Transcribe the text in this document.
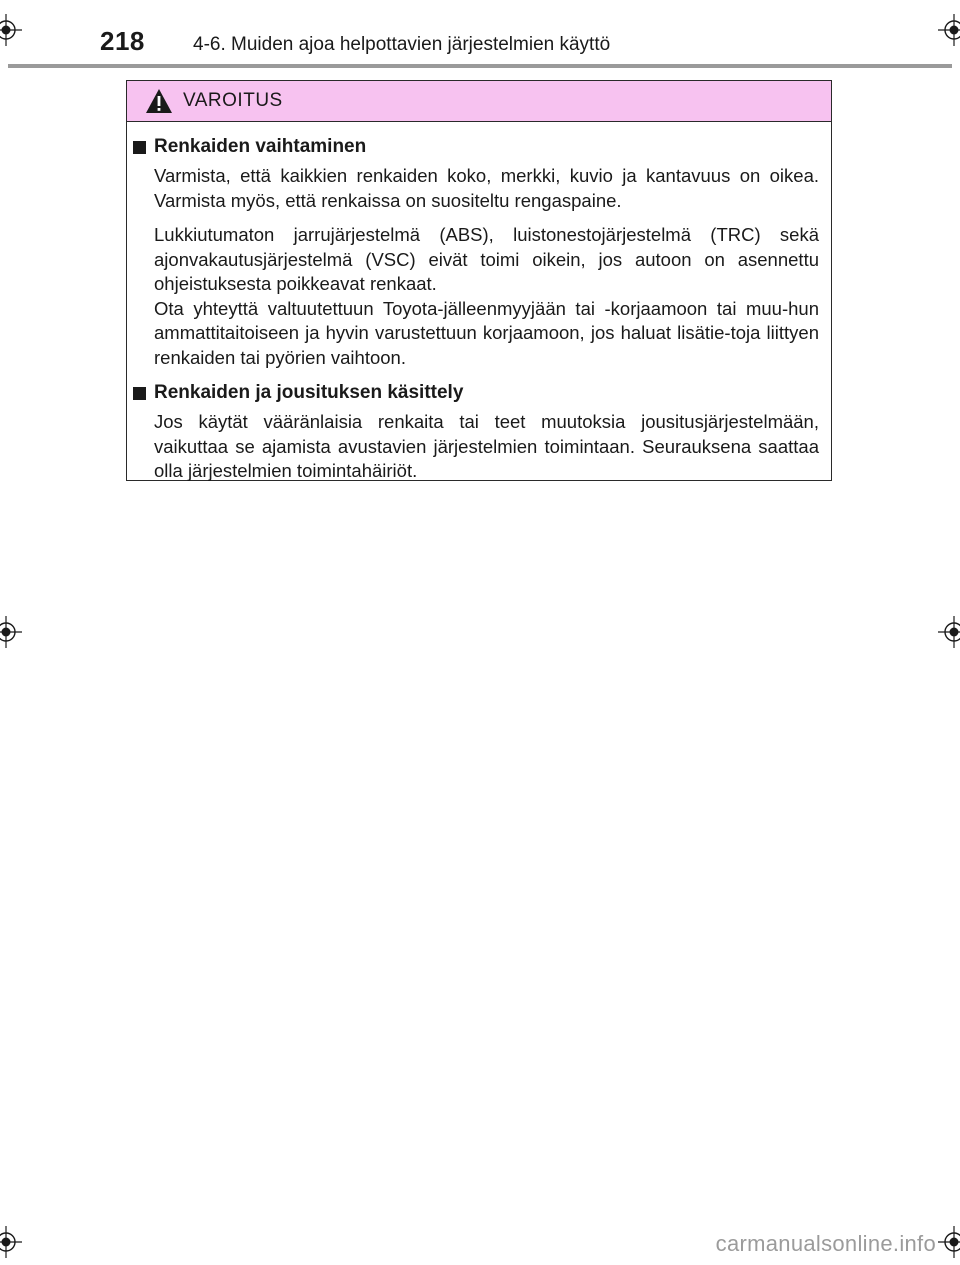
218	4-6. Muiden ajoa helpottavien järjestelmien käyttö
VAROITUS
Renkaiden vaihtaminen

Varmista, että kaikkien renkaiden koko, merkki, kuvio ja kantavuus on oikea. Varmista myös, että renkaissa on suositeltu rengaspaine.

Lukkiutumaton jarrujärjestelmä (ABS), luistonestojärjestelmä (TRC) sekä ajonvakautusjärjestelmä (VSC) eivät toimi oikein, jos autoon on asennettu ohjeistuksesta poikkeavat renkaat.

Ota yhteyttä valtuutettuun Toyota-jälleenmyyjään tai -korjaamoon tai muu-hun ammattitaitoiseen ja hyvin varustettuun korjaamoon, jos haluat lisätie-toja liittyen renkaiden tai pyörien vaihtoon.

Renkaiden ja jousituksen käsittely

Jos käytät vääränlaisia renkaita tai teet muutoksia jousitusjärjestelmään, vaikuttaa se ajamista avustavien järjestelmien toimintaan. Seurauksena saattaa olla järjestelmien toimintahäiriöt.

carmanualsonline.info
